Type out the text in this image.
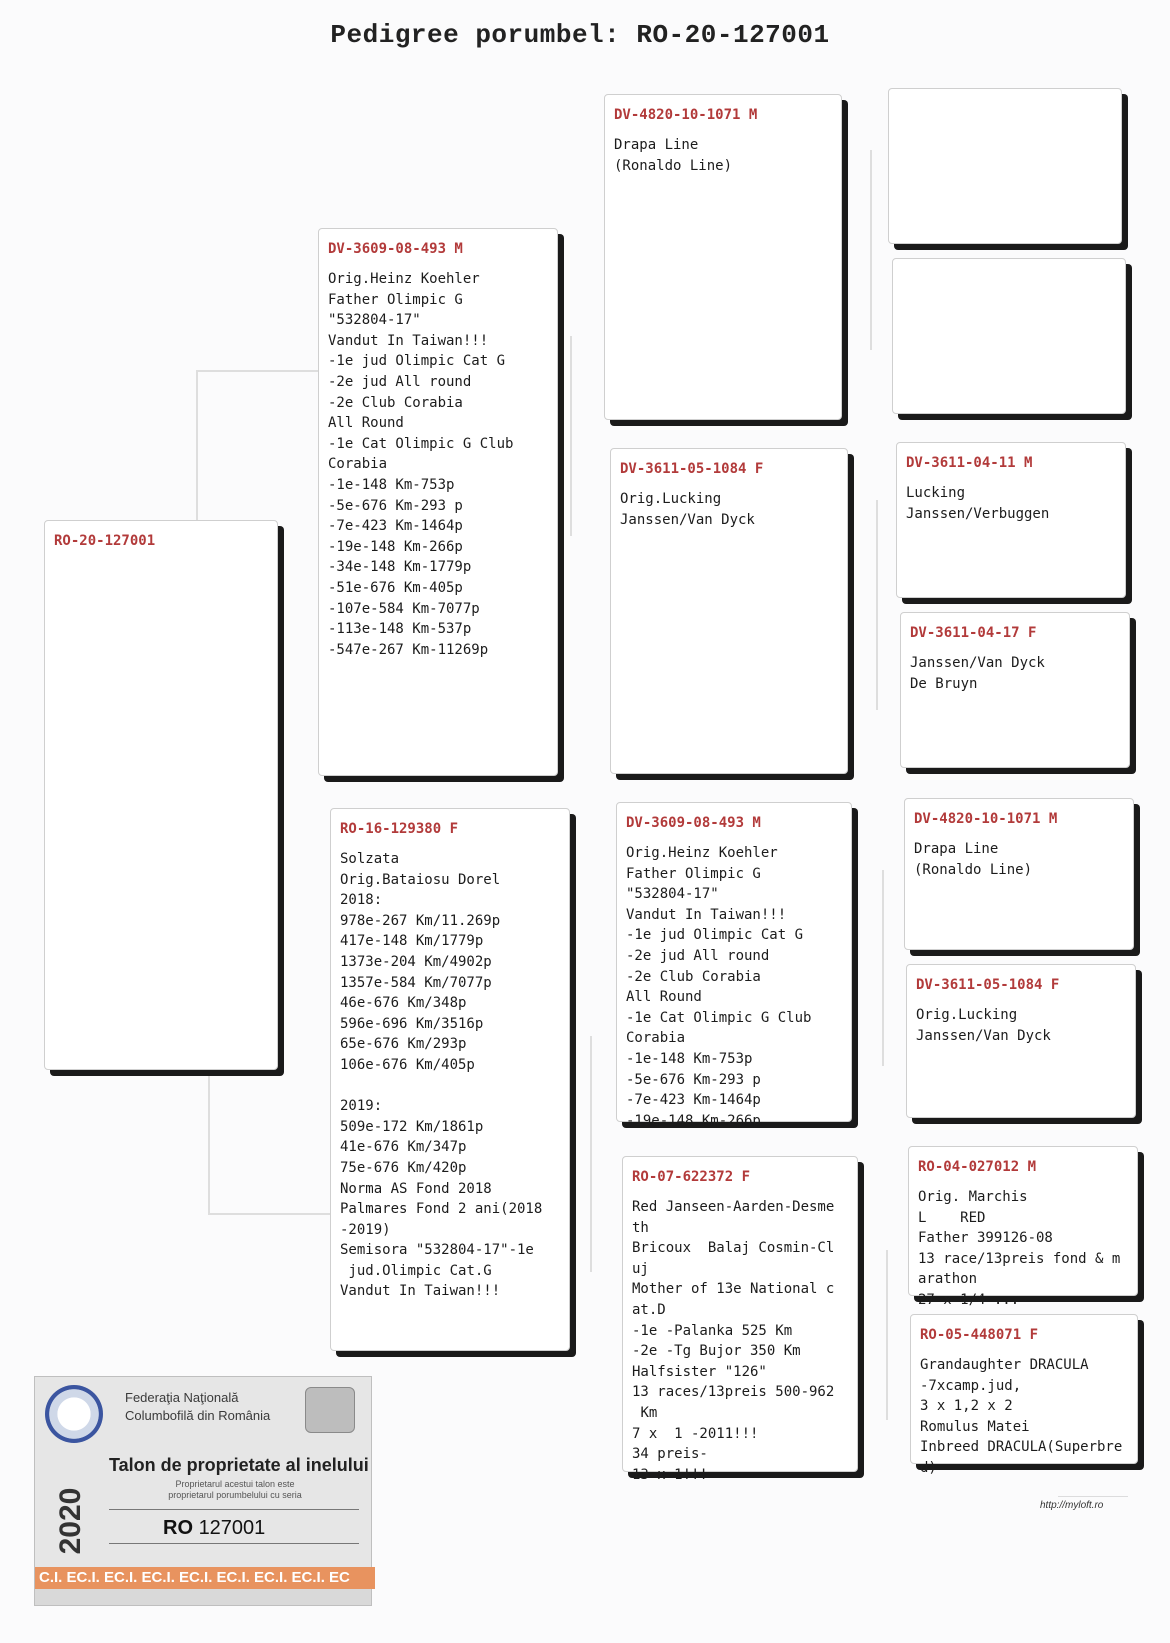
Pedigree porumbel: RO-20-127001
RO-20-127001
DV-3609-08-493 M
Orig.Heinz Koehler
Father Olimpic G
"532804-17"
Vandut In Taiwan!!!
-1e jud Olimpic Cat G
-2e jud All round
-2e Club Corabia
All Round
-1e Cat Olimpic G Club
Corabia
-1e-148 Km-753p
-5e-676 Km-293 p
-7e-423 Km-1464p
-19e-148 Km-266p
-34e-148 Km-1779p
-51e-676 Km-405p
-107e-584 Km-7077p
-113e-148 Km-537p
-547e-267 Km-11269p
RO-16-129380 F
Solzata
Orig.Bataiosu Dorel
2018:
978e-267 Km/11.269p
417e-148 Km/1779p
1373e-204 Km/4902p
1357e-584 Km/7077p
46e-676 Km/348p
596e-696 Km/3516p
65e-676 Km/293p
106e-676 Km/405p

2019:
509e-172 Km/1861p
41e-676 Km/347p
75e-676 Km/420p
Norma AS Fond 2018
Palmares Fond 2 ani(2018
-2019)
Semisora "532804-17"-1e
jud.Olimpic Cat.G
Vandut In Taiwan!!!
DV-4820-10-1071 M
Drapa Line
(Ronaldo Line)
DV-3611-05-1084 F
Orig.Lucking
Janssen/Van Dyck
DV-3609-08-493 M
Orig.Heinz Koehler
Father Olimpic G
"532804-17"
Vandut In Taiwan!!!
-1e jud Olimpic Cat G
-2e jud All round
-2e Club Corabia
All Round
-1e Cat Olimpic G Club
Corabia
-1e-148 Km-753p
-5e-676 Km-293 p
-7e-423 Km-1464p
-19e-148 Km-266p
RO-07-622372 F
Red Janseen-Aarden-Desme
th
Bricoux  Balaj Cosmin-Cl
uj
Mother of 13e National c
at.D
-1e -Palanka 525 Km
-2e -Tg Bujor 350 Km
Halfsister "126"
13 races/13preis 500-962
Km
7 x  1 -2011!!!
34 preis-
13 x 1!!!
DV-3611-04-11 M
Lucking
Janssen/Verbuggen
DV-3611-04-17 F
Janssen/Van Dyck
De Bruyn
DV-4820-10-1071 M
Drapa Line
(Ronaldo Line)
DV-3611-05-1084 F
Orig.Lucking
Janssen/Van Dyck
RO-04-027012 M
Orig. Marchis
L    RED
Father 399126-08
13 race/13preis fond & m
arathon
27 x 1/4 ...
RO-05-448071 F
Grandaughter DRACULA
-7xcamp.jud,
3 x 1,2 x 2
Romulus Matei
Inbreed DRACULA(Superbre
d)
Federaţia Naţională
Columbofilă din România
Talon de proprietate al inelului
Proprietarul acestui talon este
proprietarul porumbelului cu seria
RO 127001
2020
C.I. EC.I. EC.I. EC.I. EC.I. EC.I. EC.I. EC.I. EC
http://myloft.ro
